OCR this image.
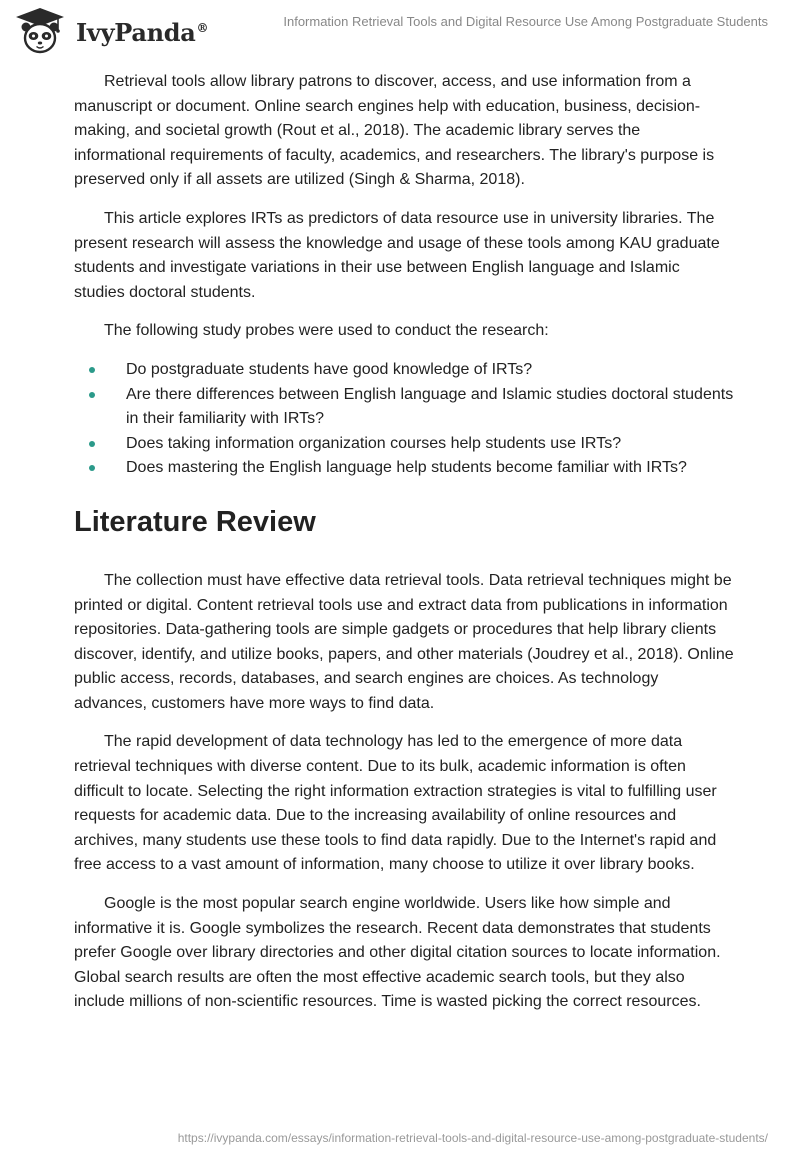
IvyPanda®	Information Retrieval Tools and Digital Resource Use Among Postgraduate Students

Retrieval tools allow library patrons to discover, access, and use information from a manuscript or document. Online search engines help with education, business, decision-making, and societal growth (Rout et al., 2018). The academic library serves the informational requirements of faculty, academics, and researchers. The library's purpose is preserved only if all assets are utilized (Singh & Sharma, 2018).

This article explores IRTs as predictors of data resource use in university libraries. The present research will assess the knowledge and usage of these tools among KAU graduate students and investigate variations in their use between English language and Islamic studies doctoral students.

The following study probes were used to conduct the research:

Do postgraduate students have good knowledge of IRTs?
Are there differences between English language and Islamic studies doctoral students in their familiarity with IRTs?
Does taking information organization courses help students use IRTs?
Does mastering the English language help students become familiar with IRTs?
Literature Review

The collection must have effective data retrieval tools. Data retrieval techniques might be printed or digital. Content retrieval tools use and extract data from publications in information repositories. Data-gathering tools are simple gadgets or procedures that help library clients discover, identify, and utilize books, papers, and other materials (Joudrey et al., 2018). Online public access, records, databases, and search engines are choices. As technology advances, customers have more ways to find data.

The rapid development of data technology has led to the emergence of more data retrieval techniques with diverse content. Due to its bulk, academic information is often difficult to locate. Selecting the right information extraction strategies is vital to fulfilling user requests for academic data. Due to the increasing availability of online resources and archives, many students use these tools to find data rapidly. Due to the Internet's rapid and free access to a vast amount of information, many choose to utilize it over library books.

Google is the most popular search engine worldwide. Users like how simple and informative it is. Google symbolizes the research. Recent data demonstrates that students prefer Google over library directories and other digital citation sources to locate information. Global search results are often the most effective academic search tools, but they also include millions of non-scientific resources. Time is wasted picking the correct resources.

https://ivypanda.com/essays/information-retrieval-tools-and-digital-resource-use-among-postgraduate-students/
